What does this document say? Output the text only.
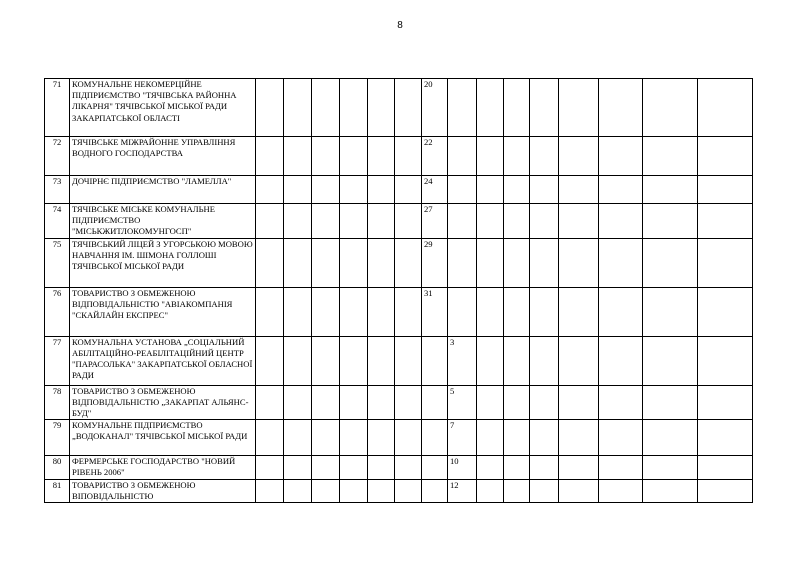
8
71	КОМУНАЛЬНЕ НЕКОМЕРЦІЙНЕ ПІДПРИЄМСТВО "ТЯЧІВСЬКА РАЙОННА ЛІКАРНЯ" ТЯЧІВСЬКОЇ МІСЬКОЇ РАДИ ЗАКАРПАТСЬКОЇ ОБЛАСТІ							20								
72	ТЯЧІВСЬКЕ МІЖРАЙОННЕ УПРАВЛІННЯ ВОДНОГО ГОСПОДАРСТВА							22								
73	ДОЧІРНЄ ПІДПРИЄМСТВО "ЛАМЕЛЛА"							24								
74	ТЯЧІВСЬКЕ МІСЬКЕ КОМУНАЛЬНЕ ПІДПРИЄМСТВО "МІСЬКЖИТЛОКОМУНГОСП"							27								
75	ТЯЧІВСЬКИЙ ЛІЦЕЙ З УГОРСЬКОЮ МОВОЮ НАВЧАННЯ ІМ. ШІМОНА ГОЛЛОШІ ТЯЧІВСЬКОЇ МІСЬКОЇ РАДИ							29								
76	ТОВАРИСТВО З ОБМЕЖЕНОЮ ВІДПОВІДАЛЬНІСТЮ "АВІАКОМПАНІЯ "СКАЙЛАЙН ЕКСПРЕС"							31								
77	КОМУНАЛЬНА УСТАНОВА „СОЦІАЛЬНИЙ АБІЛІТАЦІЙНО-РЕАБІЛІТАЦІЙНИЙ ЦЕНТР "ПАРАСОЛЬКА" ЗАКАРПАТСЬКОЇ ОБЛАСНОЇ РАДИ								3							
78	ТОВАРИСТВО З ОБМЕЖЕНОЮ ВІДПОВІДАЛЬНІСТЮ „ЗАКАРПАТ АЛЬЯНС-БУД"								5							
79	КОМУНАЛЬНЕ ПІДПРИЄМСТВО „ВОДОКАНАЛ" ТЯЧІВСЬКОЇ МІСЬКОЇ РАДИ								7							
80	ФЕРМЕРСЬКЕ ГОСПОДАРСТВО "НОВИЙ РІВЕНЬ 2006"								10							
81	ТОВАРИСТВО З ОБМЕЖЕНОЮ ВІПОВІДАЛЬНІСТЮ								12							
